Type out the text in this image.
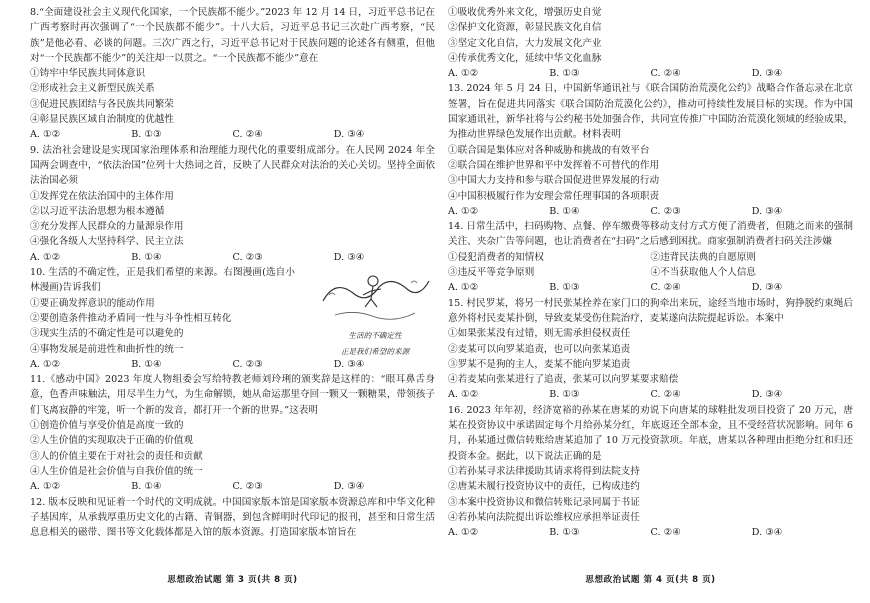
8.“全面建设社会主义现代化国家，一个民族都不能少。”2023 年 12 月 14 日，习近平总书记在广西考察时再次强调了“一个民族都不能少”。十八大后，习近平总书记三次赴广西考察，“民族”是他必看、必谈的问题。三次广西之行，习近平总书记对于民族问题的论述各有侧重，但他对“一个民族都不能少”的关注却一以贯之。“一个民族都不能少”意在
①铸牢中华民族共同体意识
②形成社会主义新型民族关系
③促进民族团结与各民族共同繁荣
④彰显民族区域自治制度的优越性
A. ①②	B. ①③	C. ②④	D. ③④
9. 法治社会建设是实现国家治理体系和治理能力现代化的重要组成部分。在人民网 2024 年全国两会调查中，“依法治国”位列十大热词之首，反映了人民群众对法治的关心关切。坚持全面依法治国必须
①发挥党在依法治国中的主体作用
②以习近平法治思想为根本遵循
③充分发挥人民群众的力量源泉作用
④强化各级人大坚持科学、民主立法
A. ①②	B. ①④	C. ②③	D. ③④
10. 生活的不确定性，正是我们希望的来源。右图漫画(选自小林漫画)告诉我们
①要正确发挥意识的能动作用
②要创造条件推动矛盾同一性与斗争性相互转化
③现实生活的不确定性是可以避免的
④事物发展是前进性和曲折性的统一
生活的不确定性
正是我们希望的来源
A. ①②	B. ①④	C. ②③	D. ③④
11.《感动中国》2023 年度人物组委会写给特教老师刘玲琍的颁奖辞是这样的：“眼耳鼻舌身意，色香声味触法，用尽半生力气，为生命解锁，她从命运那里夺回一颗又一颗糖果，带领孩子们飞离寂静的牢笼，听一个新的发音，都打开一个新的世界。”这表明
①创造价值与享受价值是高度一致的
②人生价值的实现取决于正确的价值观
③人的价值主要在于对社会的责任和贡献
④人生价值是社会价值与自我价值的统一
A. ①②	B. ①④	C. ②③	D. ③④
12. 版本反映和见证着一个时代的文明成就。中国国家版本馆是国家版本资源总库和中华文化种子基因库，从承载厚重历史文化的古籍、青铜器，到包含鲜明时代印记的报刊，甚至和日常生活息息相关的磁带、图书等文化载体都是入馆的版本资源。打造国家版本馆旨在
思想政治试题 第 3 页(共 8 页)
①吸收优秀外来文化，增强历史自觉
②保护文化资源，彰显民族文化自信
③坚定文化自信，大力发展文化产业
④传承优秀文化，延续中华文化血脉
A. ①②	B. ①③	C. ②④	D. ③④
13. 2024 年 5 月 24 日，中国新华通讯社与《联合国防治荒漠化公约》战略合作备忘录在北京签署，旨在促进共同落实《联合国防治荒漠化公约》，推动可持续性发展目标的实现。作为中国国家通讯社，新华社将与公约秘书处加强合作，共同宣传推广中国防治荒漠化领域的经验成果，为推动世界绿色发展作出贡献。材料表明
①联合国是集体应对各种威胁和挑战的有效平台
②联合国在维护世界和平中发挥着不可替代的作用
③中国大力支持和参与联合国促进世界发展的行动
④中国积极履行作为安理会常任理事国的各项职责
A. ①②	B. ①④	C. ②③	D. ③④
14. 日常生活中，扫码购物、点餐、停车缴费等移动支付方式方便了消费者，但随之而来的强制关注、夹杂广告等问题，也让消费者在“扫码”之后感到困扰。商家强制消费者扫码关注涉嫌
①侵犯消费者的知情权	②违背民法典的自愿原则
③违反平等竞争原则	④不当获取他人个人信息
A. ①②	B. ①③	C. ②④	D. ③④
15. 村民罗某，将另一村民张某拴养在家门口的狗牵出来玩，途经当地市场时，狗挣脱约束绳后意外将村民麦某扑倒，导致麦某受伤住院治疗，麦某遂向法院提起诉讼。本案中
①如果张某没有过错，则无需承担侵权责任
②麦某可以向罗某追责，也可以向张某追责
③罗某不是狗的主人，麦某不能向罗某追责
④若麦某向张某进行了追责，张某可以向罗某要求赔偿
A. ①②	B. ①③	C. ②④	D. ③④
16. 2023 年年初，经济宽裕的孙某在唐某的劝说下向唐某的球鞋批发项目投资了 20 万元，唐某在投资协议中承诺固定每个月给孙某分红，年底返还全部本金，且不受经营状况影响。同年 6 月，孙某通过微信转账给唐某追加了 10 万元投资款项。年底，唐某以各种理由拒绝分红和归还投资本金。据此，以下说法正确的是
①若孙某寻求法律援助其请求将得到法院支持
②唐某未履行投资协议中的责任，已构成违约
③本案中投资协议和微信转账记录同属于书证
④若孙某向法院提出诉讼维权应承担举证责任
A. ①②	B. ①③	C. ②④	D. ③④
思想政治试题 第 4 页(共 8 页)
